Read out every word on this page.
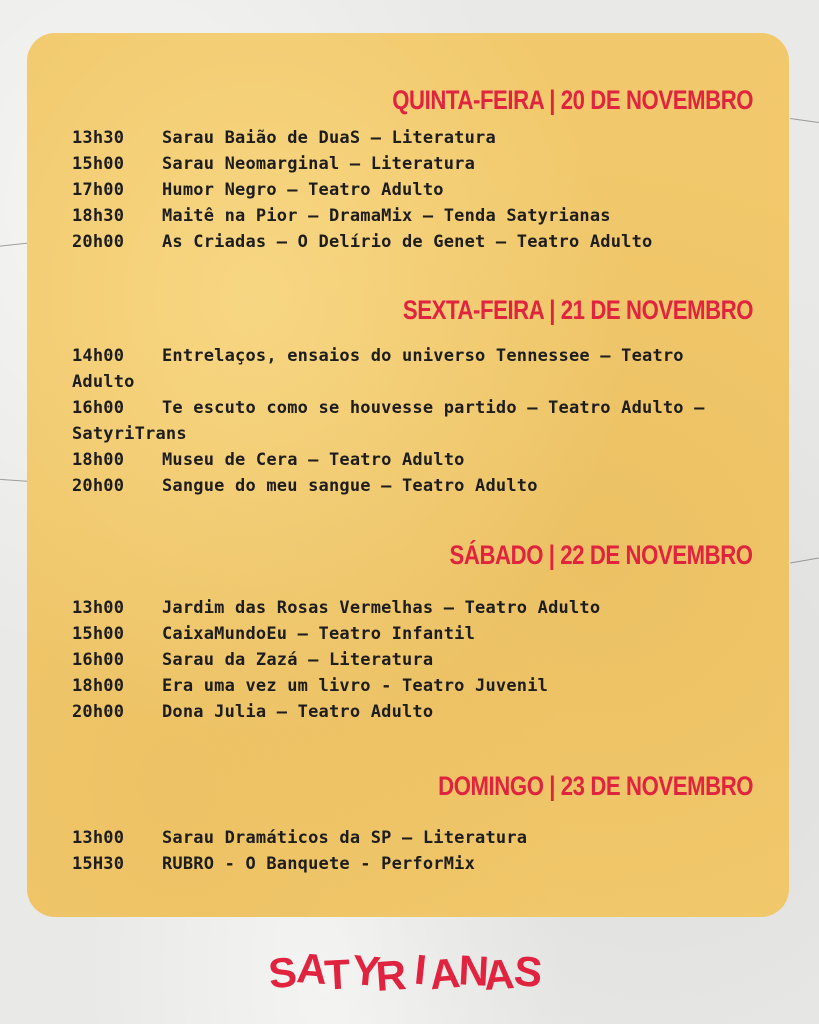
QUINTA-FEIRA | 20 DE NOVEMBRO
13h30 Sarau Baião de DuaS – Literatura
15h00 Sarau Neomarginal – Literatura
17h00 Humor Negro – Teatro Adulto
18h30 Maitê na Pior – DramaMix – Tenda Satyrianas
20h00 As Criadas – O Delírio de Genet – Teatro Adulto
SEXTA-FEIRA | 21 DE NOVEMBRO
14h00 Entrelaços, ensaios do universo Tennessee – Teatro Adulto
16h00 Te escuto como se houvesse partido – Teatro Adulto – SatyriTrans
18h00 Museu de Cera – Teatro Adulto
20h00 Sangue do meu sangue – Teatro Adulto
SÁBADO | 22 DE NOVEMBRO
13h00 Jardim das Rosas Vermelhas – Teatro Adulto
15h00 CaixaMundoEu – Teatro Infantil
16h00 Sarau da Zazá – Literatura
18h00 Era uma vez um livro - Teatro Juvenil
20h00 Dona Julia – Teatro Adulto
DOMINGO | 23 DE NOVEMBRO
13h00 Sarau Dramáticos da SP – Literatura
15H30 RUBRO - O Banquete - PerforMix
S
A
T
Y
R I
A
N
A
S
